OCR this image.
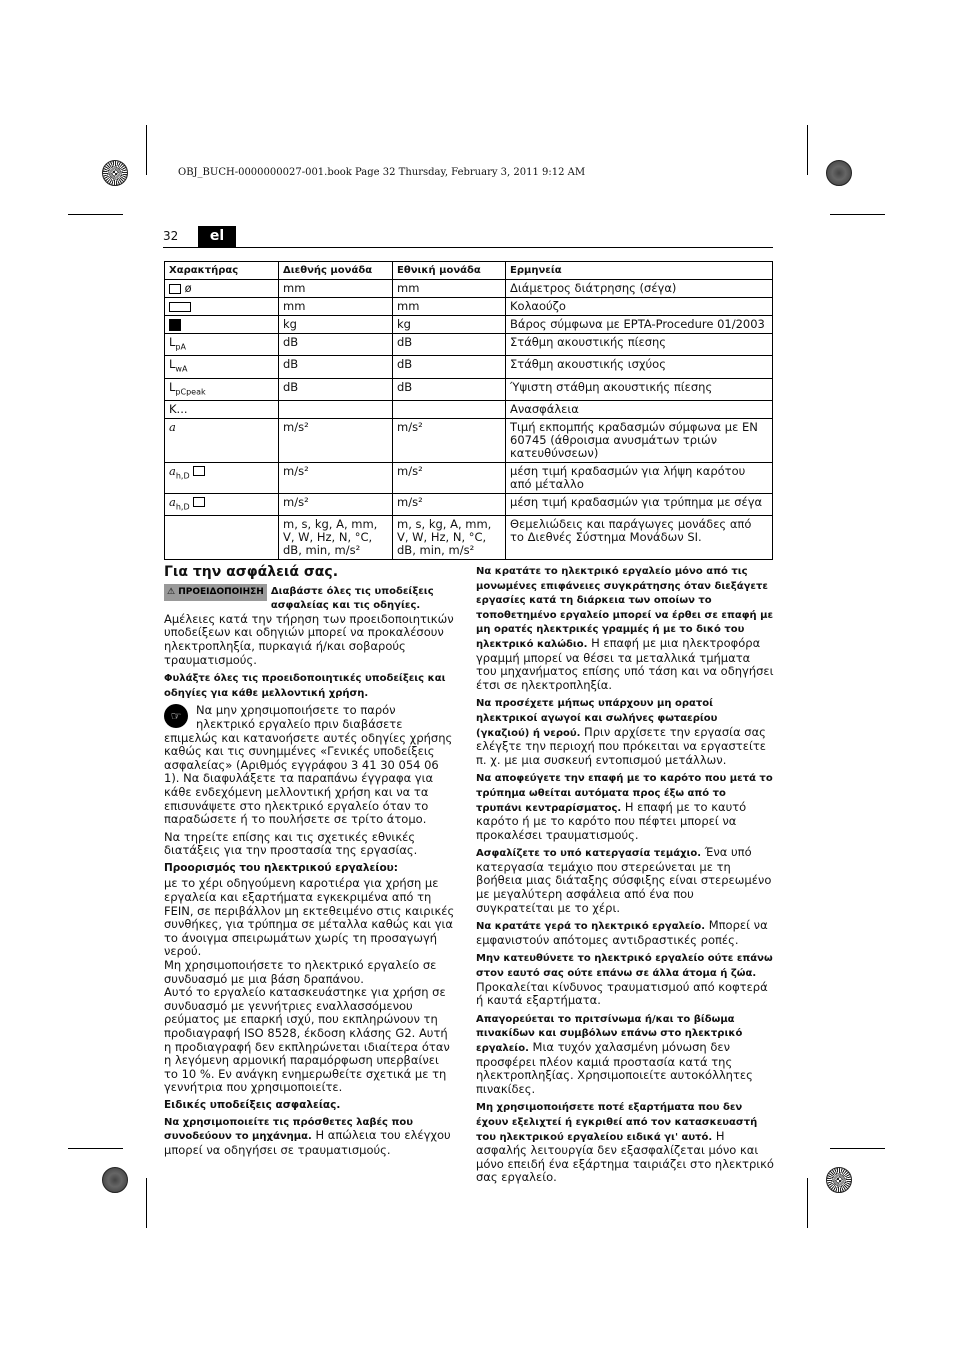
OBJ_BUCH-0000000027-001.book Page 32 Thursday, February 3, 2011 9:12 AM
32	el
Χαρακτήρας	Διεθνής μονάδα	Εθνική μονάδα	Ερμηνεία
ø	mm	mm	Διάμετρος διάτρησης (σέγα)
	mm	mm	Κολαούζο
	kg	kg	Βάρος σύμφωνα με EPTA-Procedure 01/2003
$L_{pA}$	dB	dB	Στάθμη ακουστικής πίεσης
$L_{wA}$	dB	dB	Στάθμη ακουστικής ισχύος
$L_{pCpeak}$	dB	dB	Ύψιστη στάθμη ακουστικής πίεσης
K...			Ανασφάλεια
a	m/s²	m/s²	Τιμή εκπομπής κραδασμών σύμφωνα με EN 60745 (άθροισμα ανυσμάτων τριών κατευθύνσεων)
$a_{h,D}$	m/s²	m/s²	μέση τιμή κραδασμών για λήψη καρότου από μέταλλο
$a_{h,D}$	m/s²	m/s²	μέση τιμή κραδασμών για τρύπημα με σέγα
	m, s, kg, A, mm, V, W, Hz, N, °C, dB, min, m/s²	m, s, kg, A, mm, V, W, Hz, N, °C, dB, min, m/s²	Θεμελιώδεις και παράγωγες μονάδες από το Διεθνές Σύστημα Μονάδων SI.
Για την ασφάλειά σας.

⚠ ΠΡΟΕΙΔΟΠΟΙΗΣΗ Διαβάστε όλες τις υποδείξεις ασφαλείας και τις οδηγίες. Αμέλειες κατά την τήρηση των προειδοποιητικών υποδείξεων και οδηγιών μπορεί να προκαλέσουν ηλεκτροπληξία, πυρκαγιά ή/και σοβαρούς τραυματισμούς.

Φυλάξτε όλες τις προειδοποιητικές υποδείξεις και οδηγίες για κάθε μελλοντική χρήση.

☞	Να μην χρησιμοποιήσετε το παρόν ηλεκτρικό εργαλείο πριν διαβάσετε επιμελώς και κατανοήσετε αυτές οδηγίες χρήσης καθώς και τις συνημμένες «Γενικές υποδείξεις ασφαλείας» (Αριθμός εγγράφου 3 41 30 054 06 1). Να διαφυλάξετε τα παραπάνω έγγραφα για κάθε ενδεχόμενη μελλοντική χρήση και να τα επισυνάψετε στο ηλεκτρικό εργαλείο όταν το παραδώσετε ή το πουλήσετε σε τρίτο άτομο.

Να τηρείτε επίσης και τις σχετικές εθνικές διατάξεις για την προστασία της εργασίας.

Προορισμός του ηλεκτρικού εργαλείου:

με το χέρι οδηγούμενη καροτιέρα για χρήση με εργαλεία και εξαρτήματα εγκεκριμένα από τη FEIN, σε περιβάλλον μη εκτεθειμένο στις καιρικές συνθήκες, για τρύπημα σε μέταλλα καθώς και για το άνοιγμα σπειρωμάτων χωρίς τη προσαγωγή νερού.

Μη χρησιμοποιήσετε το ηλεκτρικό εργαλείο σε συνδυασμό με μια βάση δραπάνου.

Αυτό το εργαλείο κατασκευάστηκε για χρήση σε συνδυασμό με γεννήτριες εναλλασσόμενου ρεύματος με επαρκή ισχύ, που εκπληρώνουν τη προδιαγραφή ISO 8528, έκδοση κλάσης G2. Αυτή η προδιαγραφή δεν εκπληρώνεται ιδιαίτερα όταν η λεγόμενη αρμονική παραμόρφωση υπερβαίνει το 10 %. Εν ανάγκη ενημερωθείτε σχετικά με τη γεννήτρια που χρησιμοποιείτε.

Ειδικές υποδείξεις ασφαλείας.

Να χρησιμοποιείτε τις πρόσθετες λαβές που συνοδεύουν το μηχάνημα. Η απώλεια του ελέγχου μπορεί να οδηγήσει σε τραυματισμούς.

Να κρατάτε το ηλεκτρικό εργαλείο μόνο από τις μονωμένες επιφάνειες συγκράτησης όταν διεξάγετε εργασίες κατά τη διάρκεια των οποίων το τοποθετημένο εργαλείο μπορεί να έρθει σε επαφή με μη ορατές ηλεκτρικές γραμμές ή με το δικό του ηλεκτρικό καλώδιο. Η επαφή με μια ηλεκτροφόρα γραμμή μπορεί να θέσει τα μεταλλικά τμήματα του μηχανήματος επίσης υπό τάση και να οδηγήσει έτσι σε ηλεκτροπληξία.

Να προσέχετε μήπως υπάρχουν μη ορατοί ηλεκτρικοί αγωγοί και σωλήνες φωταερίου (γκαζιού) ή νερού. Πριν αρχίσετε την εργασία σας ελέγξτε την περιοχή που πρόκειται να εργαστείτε π. χ. με μια συσκευή εντοπισμού μετάλλων.

Να αποφεύγετε την επαφή με το καρότο που μετά το τρύπημα ωθείται αυτόματα προς έξω από το τρυπάνι κεντραρίσματος. Η επαφή με το καυτό καρότο ή με το καρότο που πέφτει μπορεί να προκαλέσει τραυματισμούς.

Ασφαλίζετε το υπό κατεργασία τεμάχιο. Ένα υπό κατεργασία τεμάχιο που στερεώνεται με τη βοήθεια μιας διάταξης σύσφιξης είναι στερεωμένο με μεγαλύτερη ασφάλεια από ένα που συγκρατείται με το χέρι.

Να κρατάτε γερά το ηλεκτρικό εργαλείο. Μπορεί να εμφανιστούν απότομες αντιδραστικές ροπές.

Μην κατευθύνετε το ηλεκτρικό εργαλείο ούτε επάνω στον εαυτό σας ούτε επάνω σε άλλα άτομα ή ζώα. Προκαλείται κίνδυνος τραυματισμού από κοφτερά ή καυτά εξαρτήματα.

Απαγορεύεται το πριτσίνωμα ή/και το βίδωμα πινακίδων και συμβόλων επάνω στο ηλεκτρικό εργαλείο. Μια τυχόν χαλασμένη μόνωση δεν προσφέρει πλέον καμιά προστασία κατά της ηλεκτροπληξίας. Χρησιμοποιείτε αυτοκόλλητες πινακίδες.

Μη χρησιμοποιήσετε ποτέ εξαρτήματα που δεν έχουν εξελιχτεί ή εγκριθεί από τον κατασκευαστή του ηλεκτρικού εργαλείου ειδικά γι' αυτό. Η ασφαλής λειτουργία δεν εξασφαλίζεται μόνο και μόνο επειδή ένα εξάρτημα ταιριάζει στο ηλεκτρικό σας εργαλείο.
